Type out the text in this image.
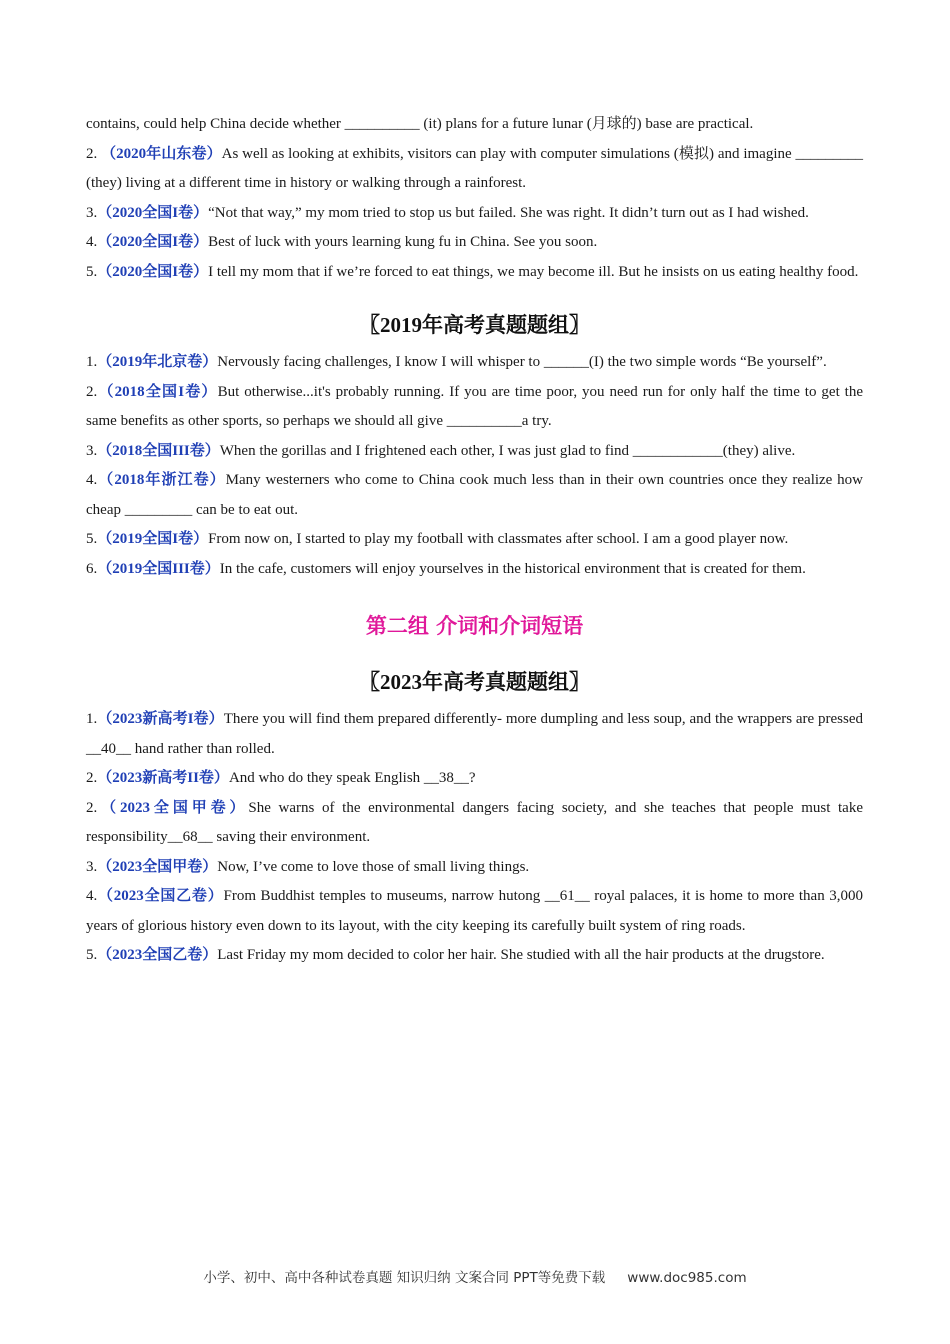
contains, could help China decide whether __________ (it) plans for a future lunar (月球的) base are practical.

2. （2020年山东卷）As well as looking at exhibits, visitors can play with computer simulations (模拟) and imagine _________ (they) living at a different time in history or walking through a rainforest.

3.（2020全国I卷）“Not that way,” my mom tried to stop us but failed. She was right. It didn’t turn out as I had wished.

4.（2020全国I卷）Best of luck with yours learning kung fu in China. See you soon.

5.（2020全国I卷）I tell my mom that if we’re forced to eat things, we may become ill. But he insists on us eating healthy food.

〖2019年高考真题题组〗

1.（2019年北京卷）Nervously facing challenges, I know I will whisper to ______(I) the two simple words “Be yourself”.

2.（2018全国I卷）But otherwise...it's probably running. If you are time poor, you need run for only half the time to get the same benefits as other sports, so perhaps we should all give __________a try.

3.（2018全国III卷）When the gorillas and I frightened each other, I was just glad to find ____________(they) alive.

4.（2018年浙江卷）Many westerners who come to China cook much less than in their own countries once they realize how cheap _________ can be to eat out.

5.（2019全国I卷）From now on, I started to play my football with classmates after school. I am a good player now.

6.（2019全国III卷）In the cafe, customers will enjoy yourselves in the historical environment that is created for them.

第二组 介词和介词短语
〖2023年高考真题题组〗

1.（2023新高考I卷）There you will find them prepared differently- more dumpling and less soup, and the wrappers are pressed __40__ hand rather than rolled.

2.（2023新高考II卷）And who do they speak English __38__?

2.（2023全国甲卷）She warns of the environmental dangers facing society, and she teaches that people must take responsibility__68__ saving their environment.

3.（2023全国甲卷）Now, I’ve come to love those of small living things.

4.（2023全国乙卷）From Buddhist temples to museums, narrow hutong __61__ royal palaces, it is home to more than 3,000 years of glorious history even down to its layout, with the city keeping its carefully built system of ring roads.

5.（2023全国乙卷）Last Friday my mom decided to color her hair. She studied with all the hair products at the drugstore.

小学、初中、高中各种试卷真题 知识归纳 文案合同 PPT等免费下载 www.doc985.com
